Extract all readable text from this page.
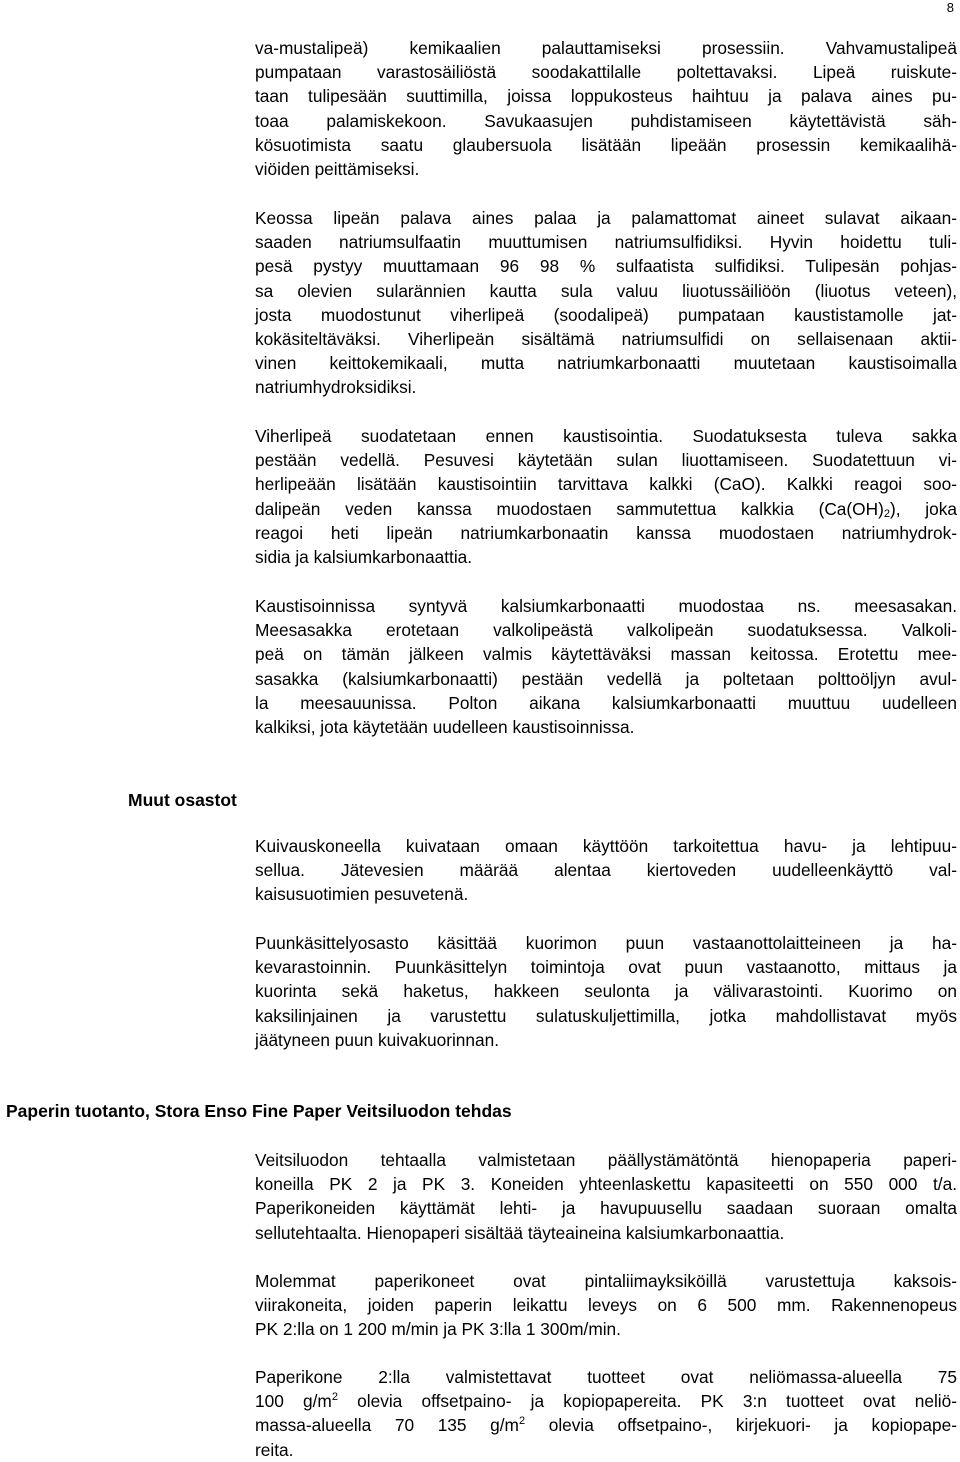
8

va-mustalipeä) kemikaalien palauttamiseksi prosessiin. Vahvamustalipeä
pumpataan varastosäiliöstä soodakattilalle poltettavaksi. Lipeä ruiskute-
taan tulipesään suuttimilla, joissa loppukosteus haihtuu ja palava aines pu-
toaa palamiskekoon. Savukaasujen puhdistamiseen käytettävistä säh-
kösuotimista saatu glaubersuola lisätään lipeään prosessin kemikaalihä-
viöiden peittämiseksi.

Keossa lipeän palava aines palaa ja palamattomat aineet sulavat aikaan-
saaden natriumsulfaatin muuttumisen natriumsulfidiksi. Hyvin hoidettu tuli-
pesä pystyy muuttamaan 96 98 % sulfaatista sulfidiksi. Tulipesän pohjas-
sa olevien sularännien kautta sula valuu liuotussäiliöön (liuotus veteen),
josta muodostunut viherlipeä (soodalipeä) pumpataan kaustistamolle jat-
kokäsiteltäväksi. Viherlipeän sisältämä natriumsulfidi on sellaisenaan aktii-
vinen keittokemikaali, mutta natriumkarbonaatti muutetaan kaustisoimalla
natriumhydroksidiksi.

Viherlipeä suodatetaan ennen kaustisointia. Suodatuksesta tuleva sakka
pestään vedellä. Pesuvesi käytetään sulan liuottamiseen. Suodatettuun vi-
herlipeään lisätään kaustisointiin tarvittava kalkki (CaO). Kalkki reagoi soo-
dalipeän veden kanssa muodostaen sammutettua kalkkia $(Ca(OH)_2)$, joka
reagoi heti lipeän natriumkarbonaatin kanssa muodostaen natriumhydrok-
sidia ja kalsiumkarbonaattia.

Kaustisoinnissa syntyvä kalsiumkarbonaatti muodostaa ns. meesasakan.
Meesasakka erotetaan valkolipeästä valkolipeän suodatuksessa. Valkoli-
peä on tämän jälkeen valmis käytettäväksi massan keitossa. Erotettu mee-
sasakka (kalsiumkarbonaatti) pestään vedellä ja poltetaan polttoöljyn avul-
la meesauunissa. Polton aikana kalsiumkarbonaatti muuttuu uudelleen
kalkiksi, jota käytetään uudelleen kaustisoinnissa.

Muut osastot

Kuivauskoneella kuivataan omaan käyttöön tarkoitettua havu- ja lehtipuu-
sellua. Jätevesien määrää alentaa kiertoveden uudelleenkäyttö val-
kaisusuotimien pesuvetenä.

Puunkäsittelyosasto käsittää kuorimon puun vastaanottolaitteineen ja ha-
kevarastoinnin. Puunkäsittelyn toimintoja ovat puun vastaanotto, mittaus ja
kuorinta sekä haketus, hakkeen seulonta ja välivarastointi. Kuorimo on
kaksilinjainen ja varustettu sulatuskuljettimilla, jotka mahdollistavat myös
jäätyneen puun kuivakuorinnan.

Paperin tuotanto, Stora Enso Fine Paper Veitsiluodon tehdas

Veitsiluodon tehtaalla valmistetaan päällystämätöntä hienopaperia paperi-
koneilla PK 2 ja PK 3. Koneiden yhteenlaskettu kapasiteetti on 550 000 t/a.
Paperikoneiden käyttämät lehti- ja havupuusellu saadaan suoraan omalta
sellutehtaalta. Hienopaperi sisältää täyteaineina kalsiumkarbonaattia.

Molemmat paperikoneet ovat pintaliimayksiköillä varustettuja kaksois-
viirakoneita, joiden paperin leikattu leveys on 6 500 mm. Rakennenopeus
PK 2:lla on 1 200 m/min ja PK 3:lla 1 300m/min.

Paperikone 2:lla valmistettavat tuotteet ovat neliömassa-alueella 75
100 $g/m^2$ olevia offsetpaino- ja kopiopapereita. PK 3:n tuotteet ovat neliö-
massa-alueella 70 135 $g/m^2$ olevia offsetpaino-, kirjekuori- ja kopiopape-
reita.
